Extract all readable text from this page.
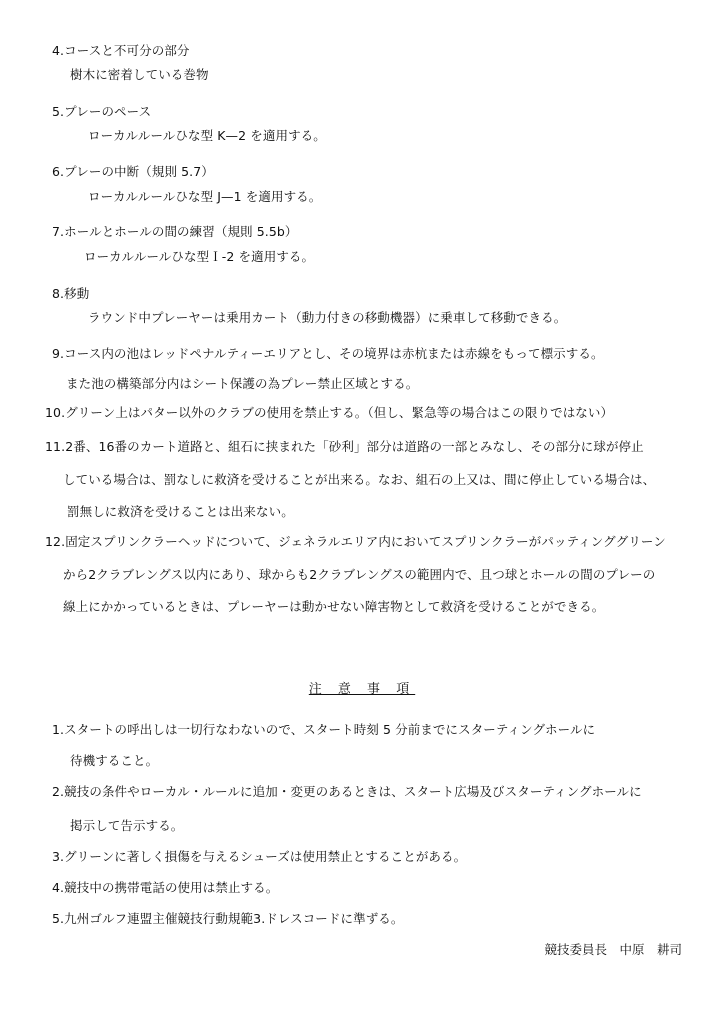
4.コースと不可分の部分
樹木に密着している巻物
5.プレーのペース
ローカルルールひな型 K—2 を適用する。
6.プレーの中断（規則 5.7）
ローカルルールひな型 J—1 を適用する。
7.ホールとホールの間の練習（規則 5.5b）
ローカルルールひな型Ｉ-2 を適用する。
8.移動
ラウンド中プレーヤーは乗用カート（動力付きの移動機器）に乗車して移動できる。
9.コース内の池はレッドペナルティーエリアとし、その境界は赤杭または赤線をもって標示する。
また池の構築部分内はシート保護の為プレー禁止区域とする。
10.グリーン上はパター以外のクラブの使用を禁止する。（但し、緊急等の場合はこの限りではない）
11.2番、16番のカート道路と、組石に挟まれた「砂利」部分は道路の一部とみなし、その部分に球が停止
している場合は、罰なしに救済を受けることが出来る。なお、組石の上又は、間に停止している場合は、
罰無しに救済を受けることは出来ない。
12.固定スプリンクラーヘッドについて、ジェネラルエリア内においてスプリンクラーがパッティンググリーン
から2クラブレングス以内にあり、球からも2クラブレングスの範囲内で、且つ球とホールの間のプレーの
線上にかかっているときは、プレーヤーは動かせない障害物として救済を受けることができる。
注 意 事 項
1.スタートの呼出しは一切行なわないので、スタート時刻 5 分前までにスターティングホールに
待機すること。
2.競技の条件やローカル・ルールに追加・変更のあるときは、スタート広場及びスターティングホールに
掲示して告示する。
3.グリーンに著しく損傷を与えるシューズは使用禁止とすることがある。
4.競技中の携帯電話の使用は禁止する。
5.九州ゴルフ連盟主催競技行動規範3.ドレスコードに準ずる。
競技委員長　中原　耕司
